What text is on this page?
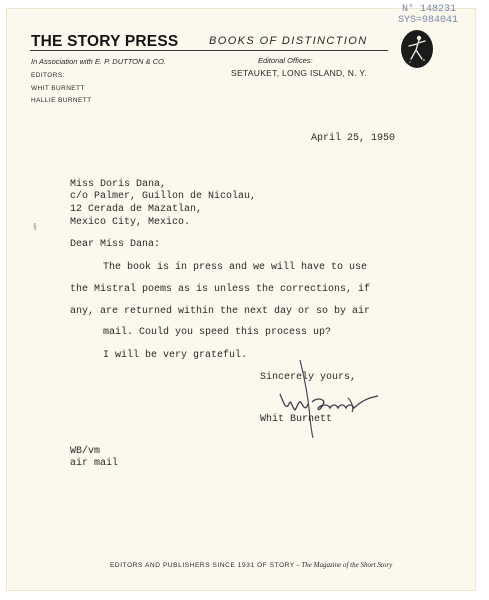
N° 148231
SYS=984041
THE STORY PRESS	BOOKS OF DISTINCTION
In Association with E. P. DUTTON & CO.
EDITORS:
WHIT BURNETT
HALLIE BURNETT
Editorial Offices:
SETAUKET, LONG ISLAND, N. Y.
April 25, 1950
Miss Doris Dana,
c/o Palmer, Guillon de Nicolau,
12 Cerada de Mazatlan,
Mexico City, Mexico.
§
Dear Miss Dana:
The book is in press and we will have to use
the Mistral poems as is unless the corrections, if
any, are returned within the next day or so by air
mail. Could you speed this process up?
I will be very grateful.
Sincerely yours,
Whit Burnett
WB/vm
air mail
EDITORS AND PUBLISHERS SINCE 1931 OF STORY – The Magazine of the Short Story
